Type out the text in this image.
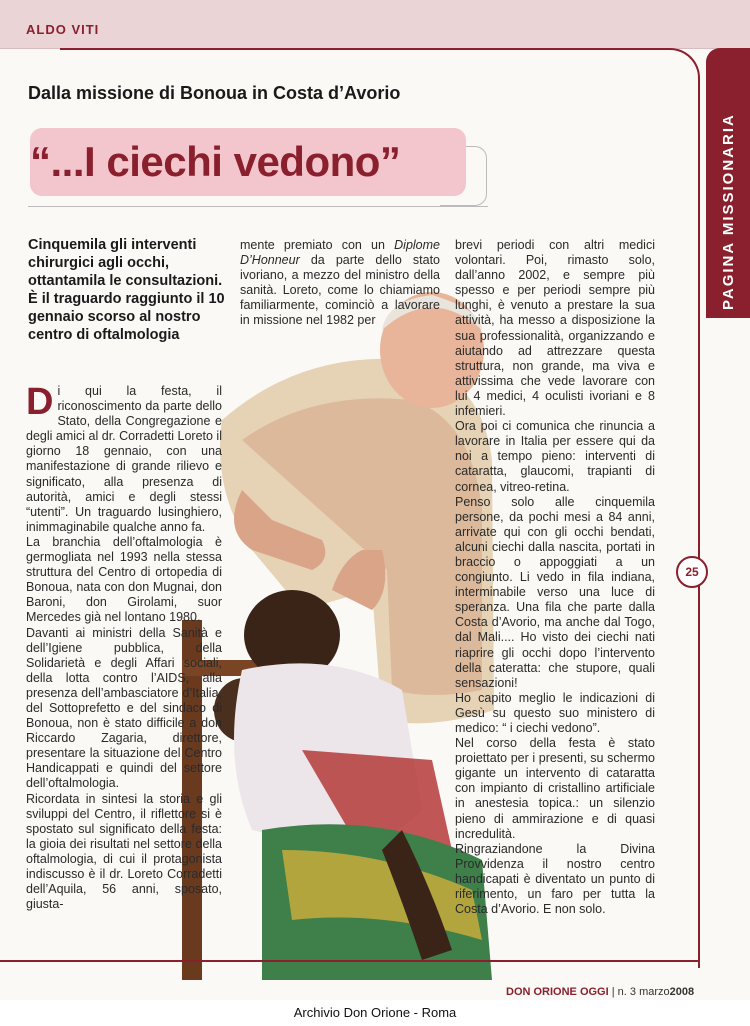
ALDO VITI
Dalla missione di Bonoua in Costa d’Avorio
“...I ciechi vedono”
Cinquemila gli interventi chirurgici agli occhi, ottantamila le consultazioni. È il traguardo raggiunto il 10 gennaio scorso al nostro centro di oftalmologia

Di qui la festa, il riconoscimento da parte dello Stato, della Congregazione e degli amici al dr. Corradetti Loreto il giorno 18 gennaio, con una manifestazione di grande rilievo e significato, alla presenza di autorità, amici e degli stessi “utenti”. Un traguardo lusinghiero, inimmaginabile qualche anno fa.

La branchia dell’oftalmologia è germogliata nel 1993 nella stessa struttura del Centro di ortopedia di Bonoua, nata con don Mugnai, don Baroni, don Girolami, suor Mercedes già nel lontano 1980.

Davanti ai ministri della Sanità e dell’Igiene pubblica, della Solidarietà e degli Affari sociali, della lotta contro l’AIDS, alla presenza dell’ambasciatore d’Italia, del Sottoprefetto e del sindaco di Bonoua, non è stato difficile a don Riccardo Zagaria, direttore, presentare la situazione del Centro Handicappati e quindi del settore dell’oftalmologia.

Ricordata in sintesi la storia e gli sviluppi del Centro, il riflettore si è spostato sul significato della festa: la gioia dei risultati nel settore della oftalmologia, di cui il protagonista indiscusso è il dr. Loreto Corradetti dell’Aquila, 56 anni, sposato, giusta-

mente premiato con un Diplome D’Honneur da parte dello stato ivoriano, a mezzo del ministro della sanità. Loreto, come lo chiamiamo familiarmente, cominciò a lavorare in missione nel 1982 per

brevi periodi con altri medici volontari. Poi, rimasto solo, dall’anno 2002, e sempre più spesso e per periodi sempre più lunghi, è venuto a prestare la sua attività, ha messo a disposizione la sua professionalità, organizzando e aiutando ad attrezzare questa struttura, non grande, ma viva e attivissima che vede lavorare con lui 4 medici, 4 oculisti ivoriani e 8 infemieri.

Ora poi ci comunica che rinuncia a lavorare in Italia per essere qui da noi a tempo pieno: interventi di cataratta, glaucomi, trapianti di cornea, vitreo-retina.

Penso solo alle cinquemila persone, da pochi mesi a 84 anni, arrivate qui con gli occhi bendati, alcuni ciechi dalla nascita, portati in braccio o appoggiati a un congiunto. Li vedo in fila indiana, interminabile verso una luce di speranza. Una fila che parte dalla Costa d’Avorio, ma anche dal Togo, dal Mali.... Ho visto dei ciechi nati riaprire gli occhi dopo l’intervento della cateratta: che stupore, quali sensazioni!

Ho capito meglio le indicazioni di Gesù su questo suo ministero di medico: “ i ciechi vedono”.

Nel corso della festa è stato proiettato per i presenti, su schermo gigante un intervento di cataratta con impianto di cristallino artificiale in anestesia topica.: un silenzio pieno di ammirazione e di quasi incredulità.

Ringraziandone la Divina Provvidenza il nostro centro handicapati è diventato un punto di riferimento, un faro per tutta la Costa d’Avorio. E non solo.

25
DON ORIONE OGGI | n. 3 marzo2008
Archivio Don Orione - Roma
